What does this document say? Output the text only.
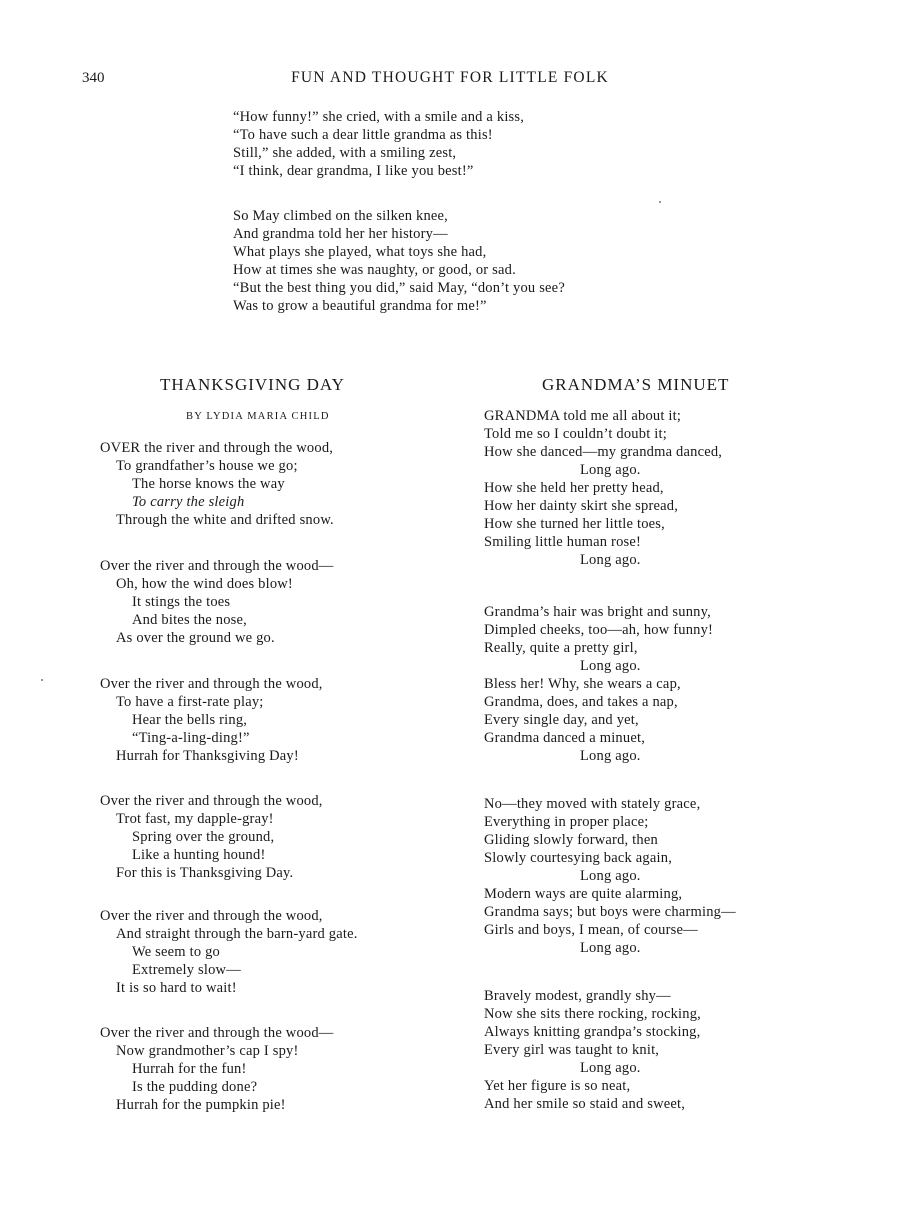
340	FUN AND THOUGHT FOR LITTLE FOLK
“How funny!” she cried, with a smile and a kiss,
“To have such a dear little grandma as this!
Still,” she added, with a smiling zest,
“I think, dear grandma, I like you best!”
So May climbed on the silken knee,
And grandma told her her history—
What plays she played, what toys she had,
How at times she was naughty, or good, or sad.
“But the best thing you did,” said May, “don’t you see?
Was to grow a beautiful grandma for me!”
THANKSGIVING DAY
BY LYDIA MARIA CHILD
OVER the river and through the wood,
To grandfather’s house we go;
The horse knows the way
To carry the sleigh
Through the white and drifted snow.
Over the river and through the wood—
Oh, how the wind does blow!
It stings the toes
And bites the nose,
As over the ground we go.
Over the river and through the wood,
To have a first-rate play;
Hear the bells ring,
“Ting-a-ling-ding!”
Hurrah for Thanksgiving Day!
Over the river and through the wood,
Trot fast, my dapple-gray!
Spring over the ground,
Like a hunting hound!
For this is Thanksgiving Day.
Over the river and through the wood,
And straight through the barn-yard gate.
We seem to go
Extremely slow—
It is so hard to wait!
Over the river and through the wood—
Now grandmother’s cap I spy!
Hurrah for the fun!
Is the pudding done?
Hurrah for the pumpkin pie!
GRANDMA’S MINUET
GRANDMA told me all about it;
Told me so I couldn’t doubt it;
How she danced—my grandma danced,
Long ago.
How she held her pretty head,
How her dainty skirt she spread,
How she turned her little toes,
Smiling little human rose!
Long ago.
Grandma’s hair was bright and sunny,
Dimpled cheeks, too—ah, how funny!
Really, quite a pretty girl,
Long ago.
Bless her! Why, she wears a cap,
Grandma, does, and takes a nap,
Every single day, and yet,
Grandma danced a minuet,
Long ago.
No—they moved with stately grace,
Everything in proper place;
Gliding slowly forward, then
Slowly courtesying back again,
Long ago.
Modern ways are quite alarming,
Grandma says; but boys were charming—
Girls and boys, I mean, of course—
Long ago.
Bravely modest, grandly shy—
Now she sits there rocking, rocking,
Always knitting grandpa’s stocking,
Every girl was taught to knit,
Long ago.
Yet her figure is so neat,
And her smile so staid and sweet,
